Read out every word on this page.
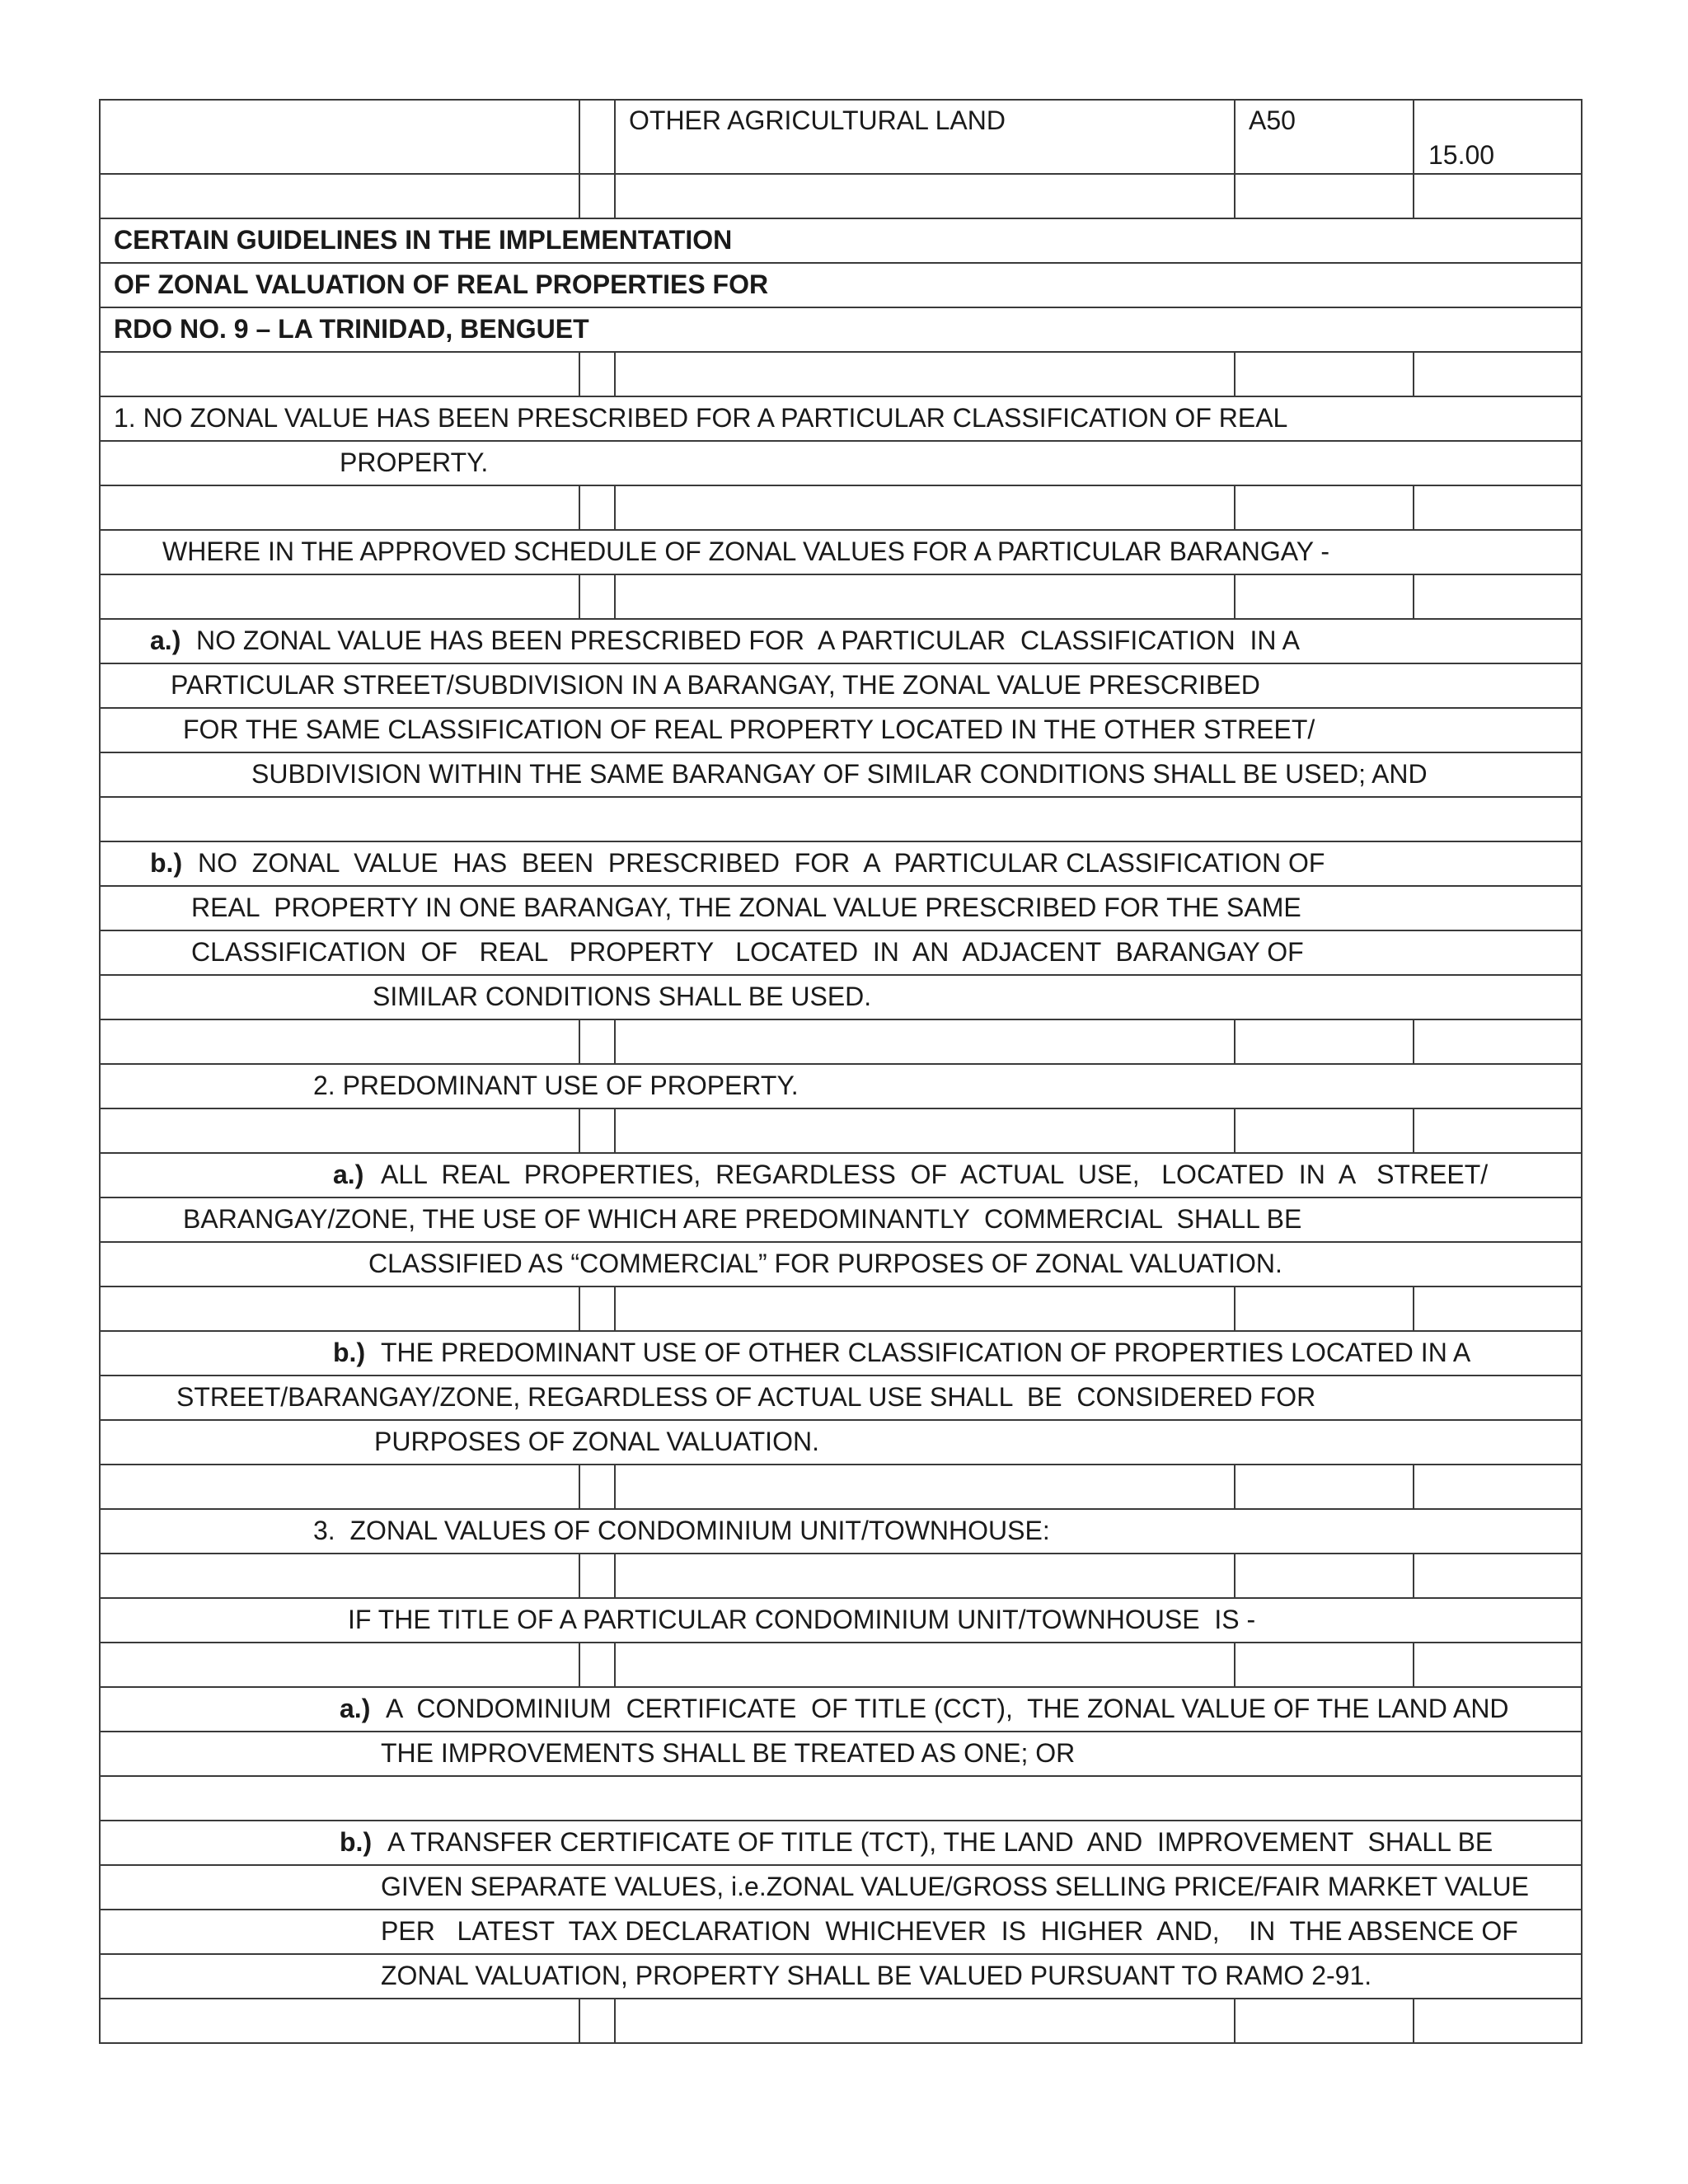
OTHER AGRICULTURAL LAND	A50
15.00
CERTAIN GUIDELINES IN THE IMPLEMENTATION
OF ZONAL VALUATION OF REAL PROPERTIES FOR
RDO NO. 9 – LA TRINIDAD, BENGUET
1. NO ZONAL VALUE HAS BEEN PRESCRIBED FOR A PARTICULAR CLASSIFICATION OF REAL
PROPERTY.
WHERE IN THE APPROVED SCHEDULE OF ZONAL VALUES FOR A PARTICULAR BARANGAY -
a.) NO ZONAL VALUE HAS BEEN PRESCRIBED FOR  A PARTICULAR  CLASSIFICATION  IN A
PARTICULAR STREET/SUBDIVISION IN A BARANGAY, THE ZONAL VALUE PRESCRIBED
FOR THE SAME CLASSIFICATION OF REAL PROPERTY LOCATED IN THE OTHER STREET/
SUBDIVISION WITHIN THE SAME BARANGAY OF SIMILAR CONDITIONS SHALL BE USED; AND
b.) NO  ZONAL  VALUE  HAS  BEEN  PRESCRIBED  FOR  A  PARTICULAR CLASSIFICATION OF
REAL  PROPERTY IN ONE BARANGAY, THE ZONAL VALUE PRESCRIBED FOR THE SAME
CLASSIFICATION  OF   REAL   PROPERTY   LOCATED  IN  AN  ADJACENT  BARANGAY OF
SIMILAR CONDITIONS SHALL BE USED.
2. PREDOMINANT USE OF PROPERTY.
a.) ALL  REAL  PROPERTIES,  REGARDLESS  OF  ACTUAL  USE,   LOCATED  IN  A   STREET/
BARANGAY/ZONE, THE USE OF WHICH ARE PREDOMINANTLY  COMMERCIAL  SHALL BE
CLASSIFIED AS “COMMERCIAL” FOR PURPOSES OF ZONAL VALUATION.
b.) THE PREDOMINANT USE OF OTHER CLASSIFICATION OF PROPERTIES LOCATED IN A
STREET/BARANGAY/ZONE, REGARDLESS OF ACTUAL USE SHALL  BE  CONSIDERED FOR
PURPOSES OF ZONAL VALUATION.
3.  ZONAL VALUES OF CONDOMINIUM UNIT/TOWNHOUSE:
IF THE TITLE OF A PARTICULAR CONDOMINIUM UNIT/TOWNHOUSE  IS -
a.) A  CONDOMINIUM  CERTIFICATE  OF TITLE (CCT),  THE ZONAL VALUE OF THE LAND AND
THE IMPROVEMENTS SHALL BE TREATED AS ONE; OR
b.) A TRANSFER CERTIFICATE OF TITLE (TCT), THE LAND  AND  IMPROVEMENT  SHALL BE
GIVEN SEPARATE VALUES, i.e.ZONAL VALUE/GROSS SELLING PRICE/FAIR MARKET VALUE
PER   LATEST  TAX DECLARATION  WHICHEVER  IS  HIGHER  AND,    IN  THE ABSENCE OF
ZONAL VALUATION, PROPERTY SHALL BE VALUED PURSUANT TO RAMO 2-91.
